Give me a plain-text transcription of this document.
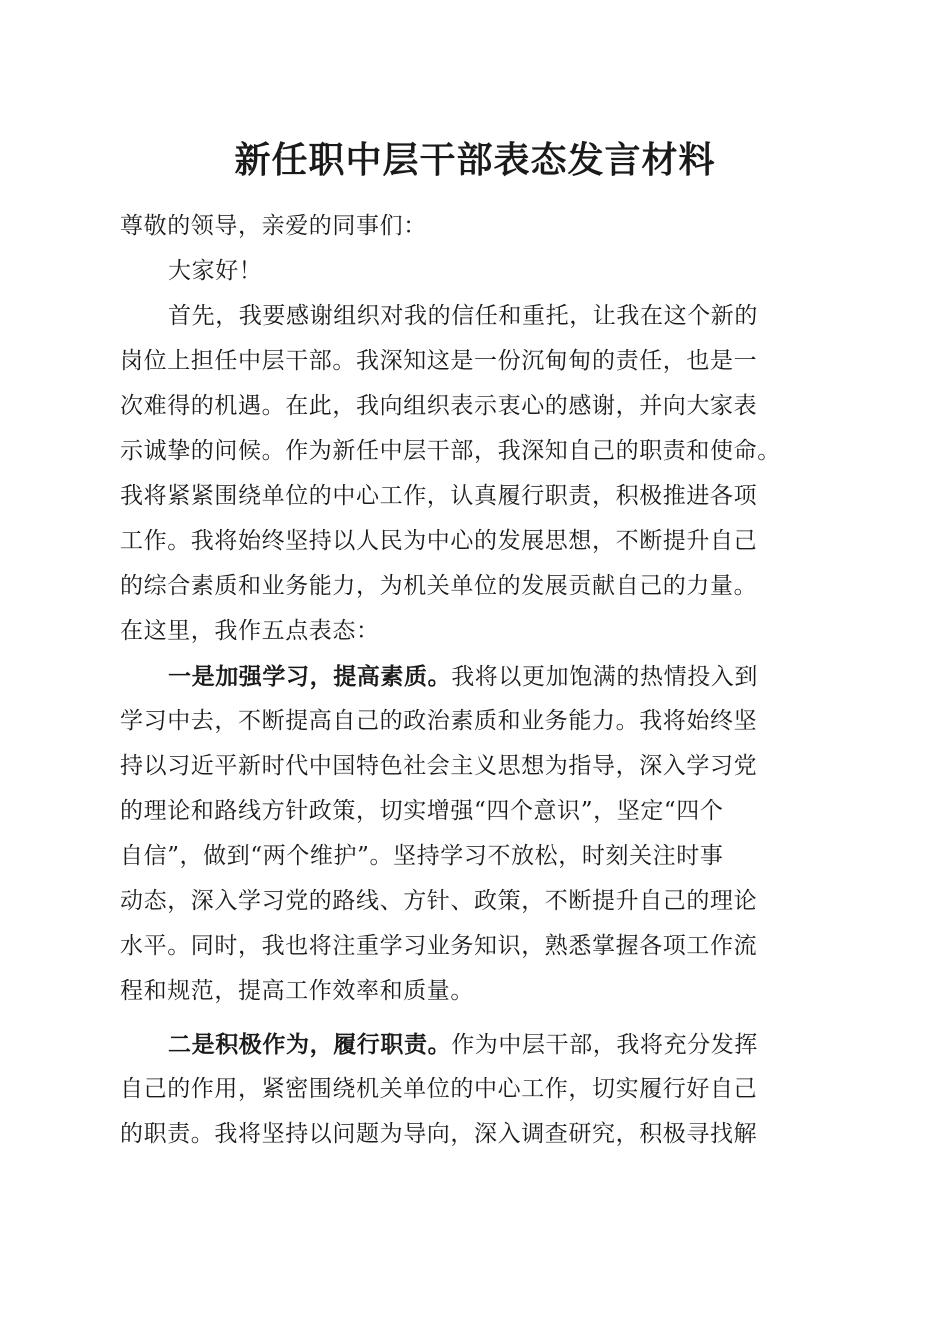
新任职中层干部表态发言材料
尊敬的领导，亲爱的同事们：
大家好！
首先，我要感谢组织对我的信任和重托，让我在这个新的
岗位上担任中层干部。我深知这是一份沉甸甸的责任，也是一
次难得的机遇。在此，我向组织表示衷心的感谢，并向大家表
示诚挚的问候。作为新任中层干部，我深知自己的职责和使命。
我将紧紧围绕单位的中心工作，认真履行职责，积极推进各项
工作。我将始终坚持以人民为中心的发展思想，不断提升自己
的综合素质和业务能力，为机关单位的发展贡献自己的力量。
在这里，我作五点表态：
一是加强学习，提高素质。我将以更加饱满的热情投入到
学习中去，不断提高自己的政治素质和业务能力。我将始终坚
持以习近平新时代中国特色社会主义思想为指导，深入学习党
的理论和路线方针政策，切实增强“四个意识”，坚定“四个
自信”，做到“两个维护”。坚持学习不放松，时刻关注时事
动态，深入学习党的路线、方针、政策，不断提升自己的理论
水平。同时，我也将注重学习业务知识，熟悉掌握各项工作流
程和规范，提高工作效率和质量。
二是积极作为，履行职责。作为中层干部，我将充分发挥
自己的作用，紧密围绕机关单位的中心工作，切实履行好自己
的职责。我将坚持以问题为导向，深入调查研究，积极寻找解
